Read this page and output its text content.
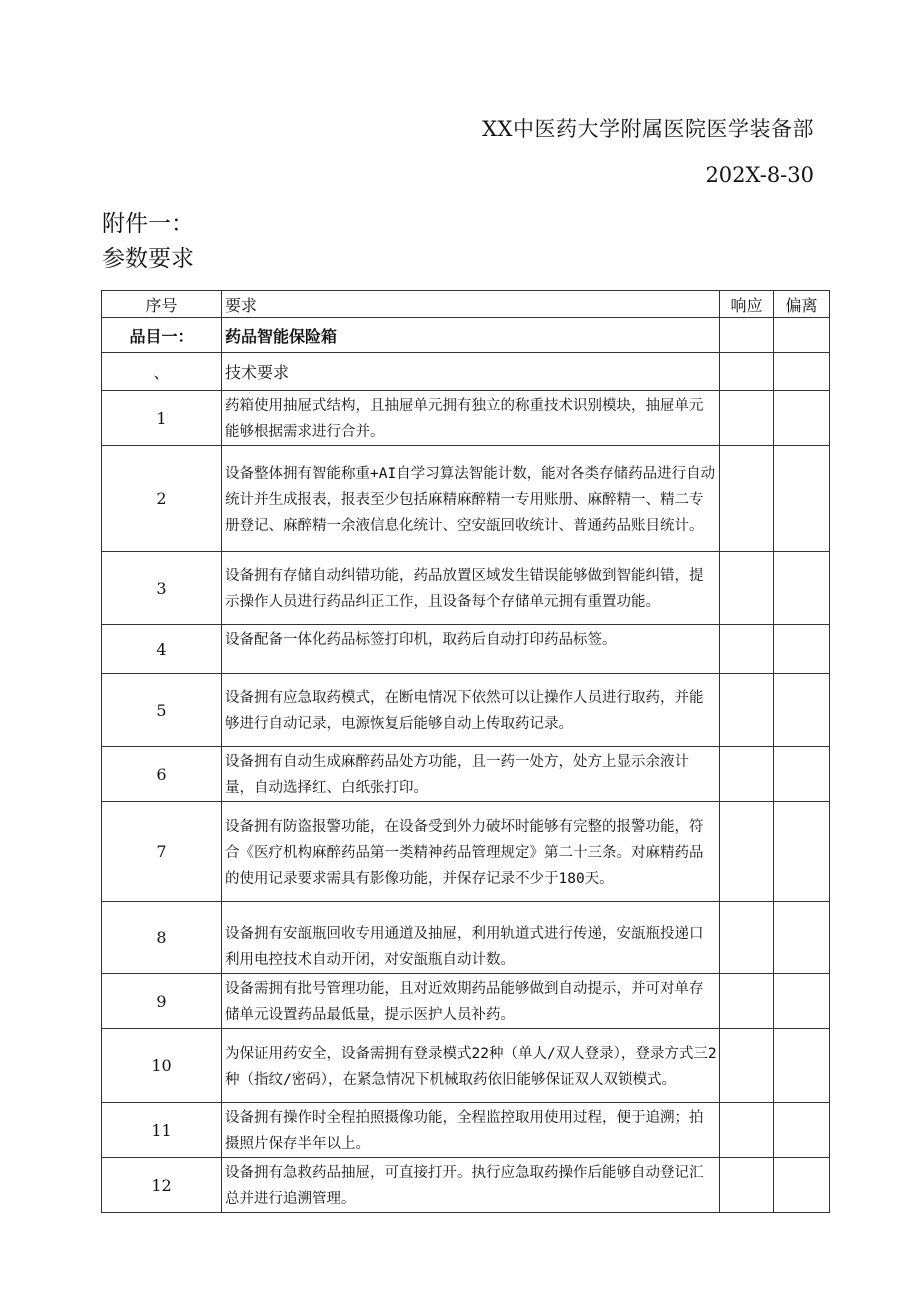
XX中医药大学附属医院医学装备部
202X-8-30
附件一：
参数要求
序号	要求	响应	偏离
品目一：	药品智能保险箱		
、	技术要求		
1	药箱使用抽屉式结构，且抽屉单元拥有独立的称重技术识别模块，抽屉单元能够根据需求进行合并。		
2	设备整体拥有智能称重+AI自学习算法智能计数，能对各类存储药品进行自动统计并生成报表，报表至少包括麻精麻醉精一专用账册、麻醉精一、精二专册登记、麻醉精一余液信息化统计、空安瓿回收统计、普通药品账目统计。		
3	设备拥有存储自动纠错功能，药品放置区域发生错误能够做到智能纠错，提示操作人员进行药品纠正工作，且设备每个存储单元拥有重置功能。		
4	设备配备一体化药品标签打印机，取药后自动打印药品标签。		
5	设备拥有应急取药模式，在断电情况下依然可以让操作人员进行取药，并能够进行自动记录，电源恢复后能够自动上传取药记录。		
6	设备拥有自动生成麻醉药品处方功能，且一药一处方，处方上显示余液计量，自动选择红、白纸张打印。		
7	设备拥有防盗报警功能，在设备受到外力破坏时能够有完整的报警功能，符合《医疗机构麻醉药品第一类精神药品管理规定》第二十三条。对麻精药品的使用记录要求需具有影像功能，并保存记录不少于180天。		
8	设备拥有安瓿瓶回收专用通道及抽屉，利用轨道式进行传递，安瓿瓶投递口利用电控技术自动开闭，对安瓿瓶自动计数。		
9	设备需拥有批号管理功能，且对近效期药品能够做到自动提示，并可对单存储单元设置药品最低量，提示医护人员补药。		
10	为保证用药安全，设备需拥有登录模式22种（单人/双人登录），登录方式三2种（指纹/密码），在紧急情况下机械取药依旧能够保证双人双锁模式。		
11	设备拥有操作时全程拍照摄像功能，全程监控取用使用过程，便于追溯；拍摄照片保存半年以上。		
12	设备拥有急救药品抽屉，可直接打开。执行应急取药操作后能够自动登记汇总并进行追溯管理。		
